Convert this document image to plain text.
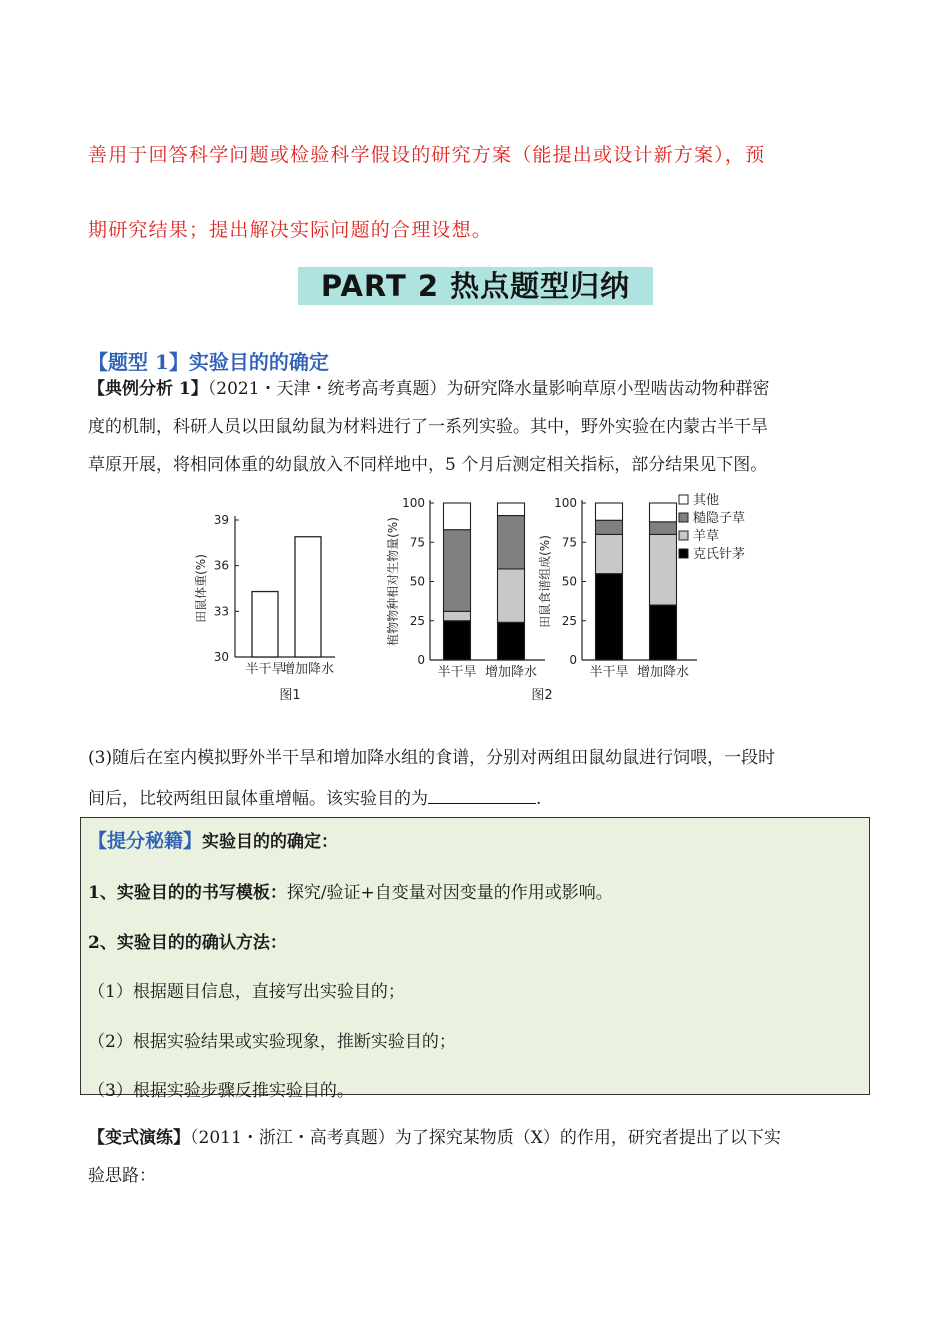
善用于回答科学问题或检验科学假设的研究方案（能提出或设计新方案），预
期研究结果；提出解决实际问题的合理设想。
PART 2 热点题型归纳
【题型 1】实验目的的确定
【典例分析 1】（2021・天津・统考高考真题）为研究降水量影响草原小型啮齿动物种群密
度的机制，科研人员以田鼠幼鼠为材料进行了一系列实验。其中，野外实验在内蒙古半干旱
草原开展，将相同体重的幼鼠放入不同样地中，5 个月后测定相关指标，部分结果见下图。
30
33
36
39
半干旱
增加降水
田鼠体重(%)
0
25
50
75
100
半干旱 增加降水
植物物种相对生物量(%)
0
25
50
75
100
半干旱 增加降水
田鼠食谱组成(%)
其他
糙隐子草
羊草
克氏针茅
图1	图2
(3)随后在室内模拟野外半干旱和增加降水组的食谱，分别对两组田鼠幼鼠进行饲喂，一段时
间后，比较两组田鼠体重增幅。该实验目的为	.
【提分秘籍】实验目的的确定：
1、实验目的的书写模板：探究/验证+自变量对因变量的作用或影响。
2、实验目的的确认方法：
（1）根据题目信息，直接写出实验目的；
（2）根据实验结果或实验现象，推断实验目的；
（3）根据实验步骤反推实验目的。
【变式演练】（2011・浙江・高考真题）为了探究某物质（X）的作用，研究者提出了以下实
验思路：
